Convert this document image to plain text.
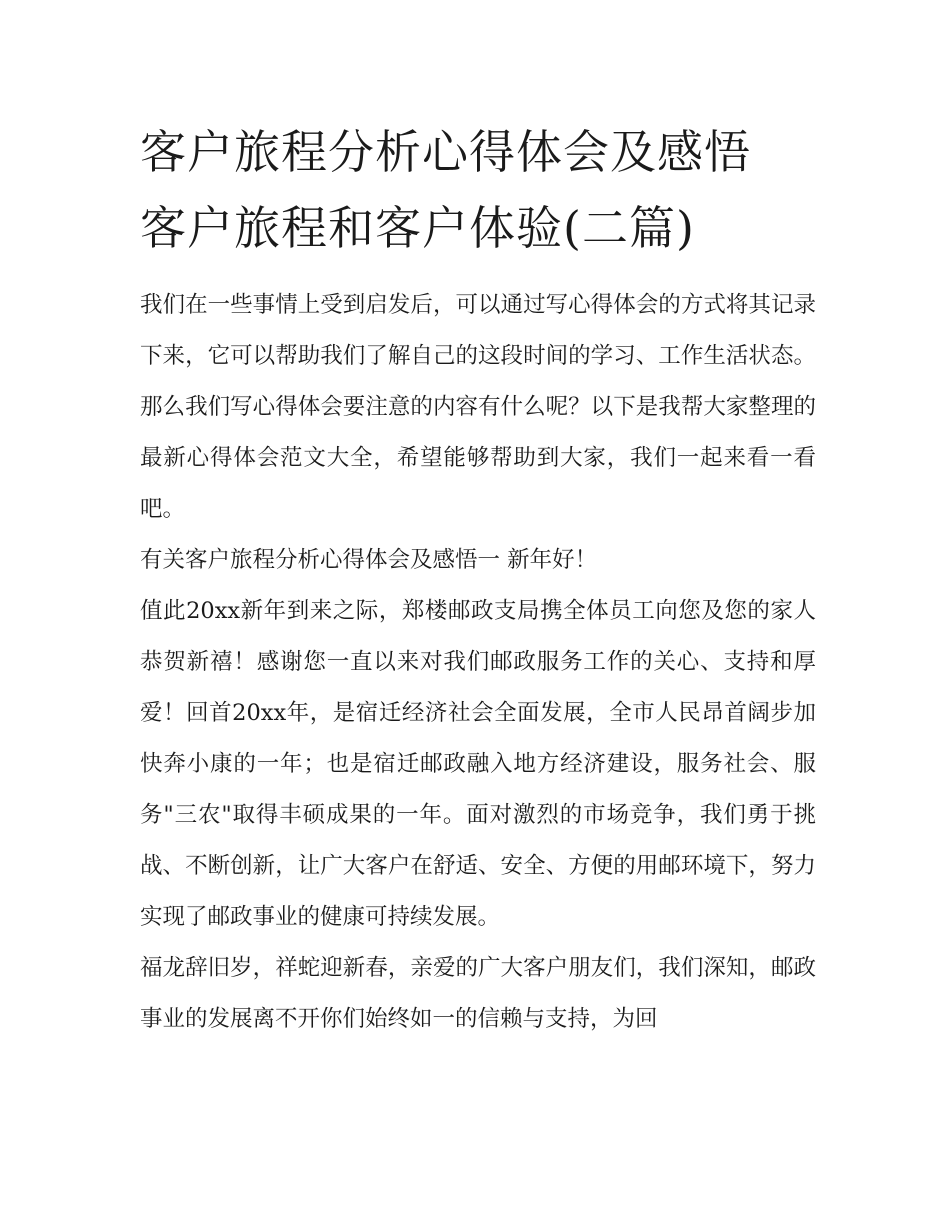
客户旅程分析心得体会及感悟
客户旅程和客户体验(二篇)

我们在一些事情上受到启发后，可以通过写心得体会的方式将其记录下来，它可以帮助我们了解自己的这段时间的学习、工作生活状态。那么我们写心得体会要注意的内容有什么呢？以下是我帮大家整理的最新心得体会范文大全，希望能够帮助到大家，我们一起来看一看吧。

有关客户旅程分析心得体会及感悟一 新年好！

值此20xx新年到来之际，郑楼邮政支局携全体员工向您及您的家人恭贺新禧！感谢您一直以来对我们邮政服务工作的关心、支持和厚爱！回首20xx年，是宿迁经济社会全面发展，全市人民昂首阔步加快奔小康的一年；也是宿迁邮政融入地方经济建设，服务社会、服务"三农"取得丰硕成果的一年。面对激烈的市场竞争，我们勇于挑战、不断创新，让广大客户在舒适、安全、方便的用邮环境下，努力实现了邮政事业的健康可持续发展。

福龙辞旧岁，祥蛇迎新春，亲爱的广大客户朋友们，我们深知，邮政事业的发展离不开你们始终如一的信赖与支持，为回
